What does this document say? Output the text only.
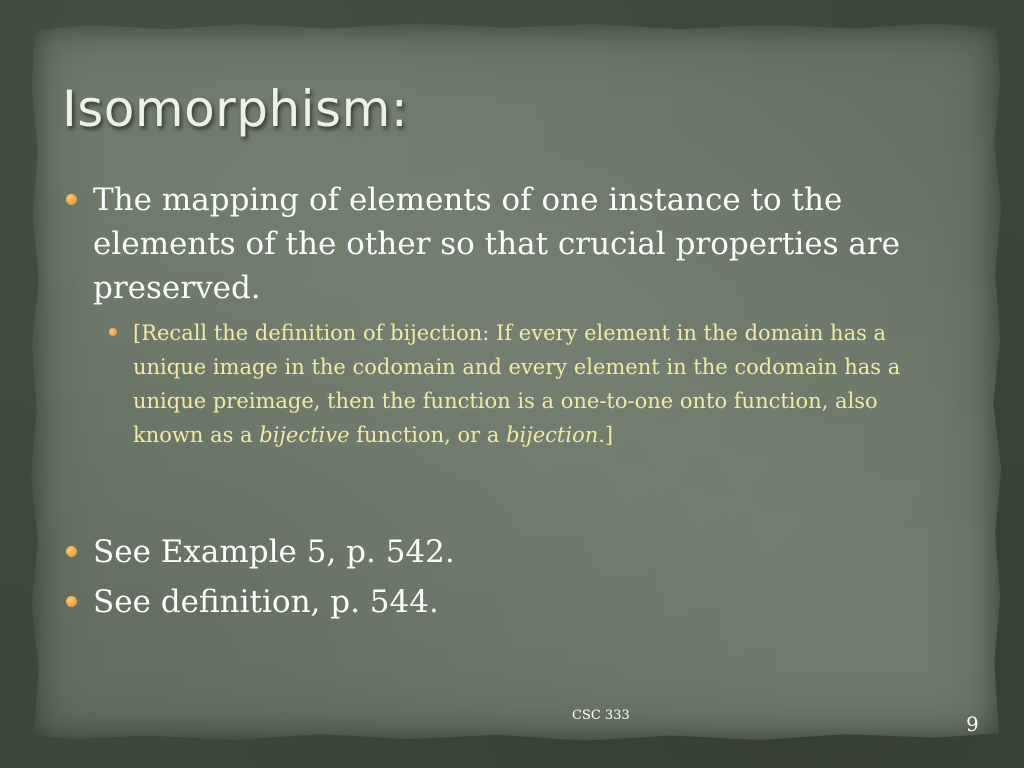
Isomorphism:

The mapping of elements of one instance to the elements of the other so that crucial properties are preserved.

[Recall the definition of bijection: If every element in the domain has a unique image in the codomain and every element in the codomain has a unique preimage, then the function is a one-to-one onto function, also known as a bijective function, or a bijection.]

See Example 5, p. 542.

See definition, p. 544.

CSC 333	9
